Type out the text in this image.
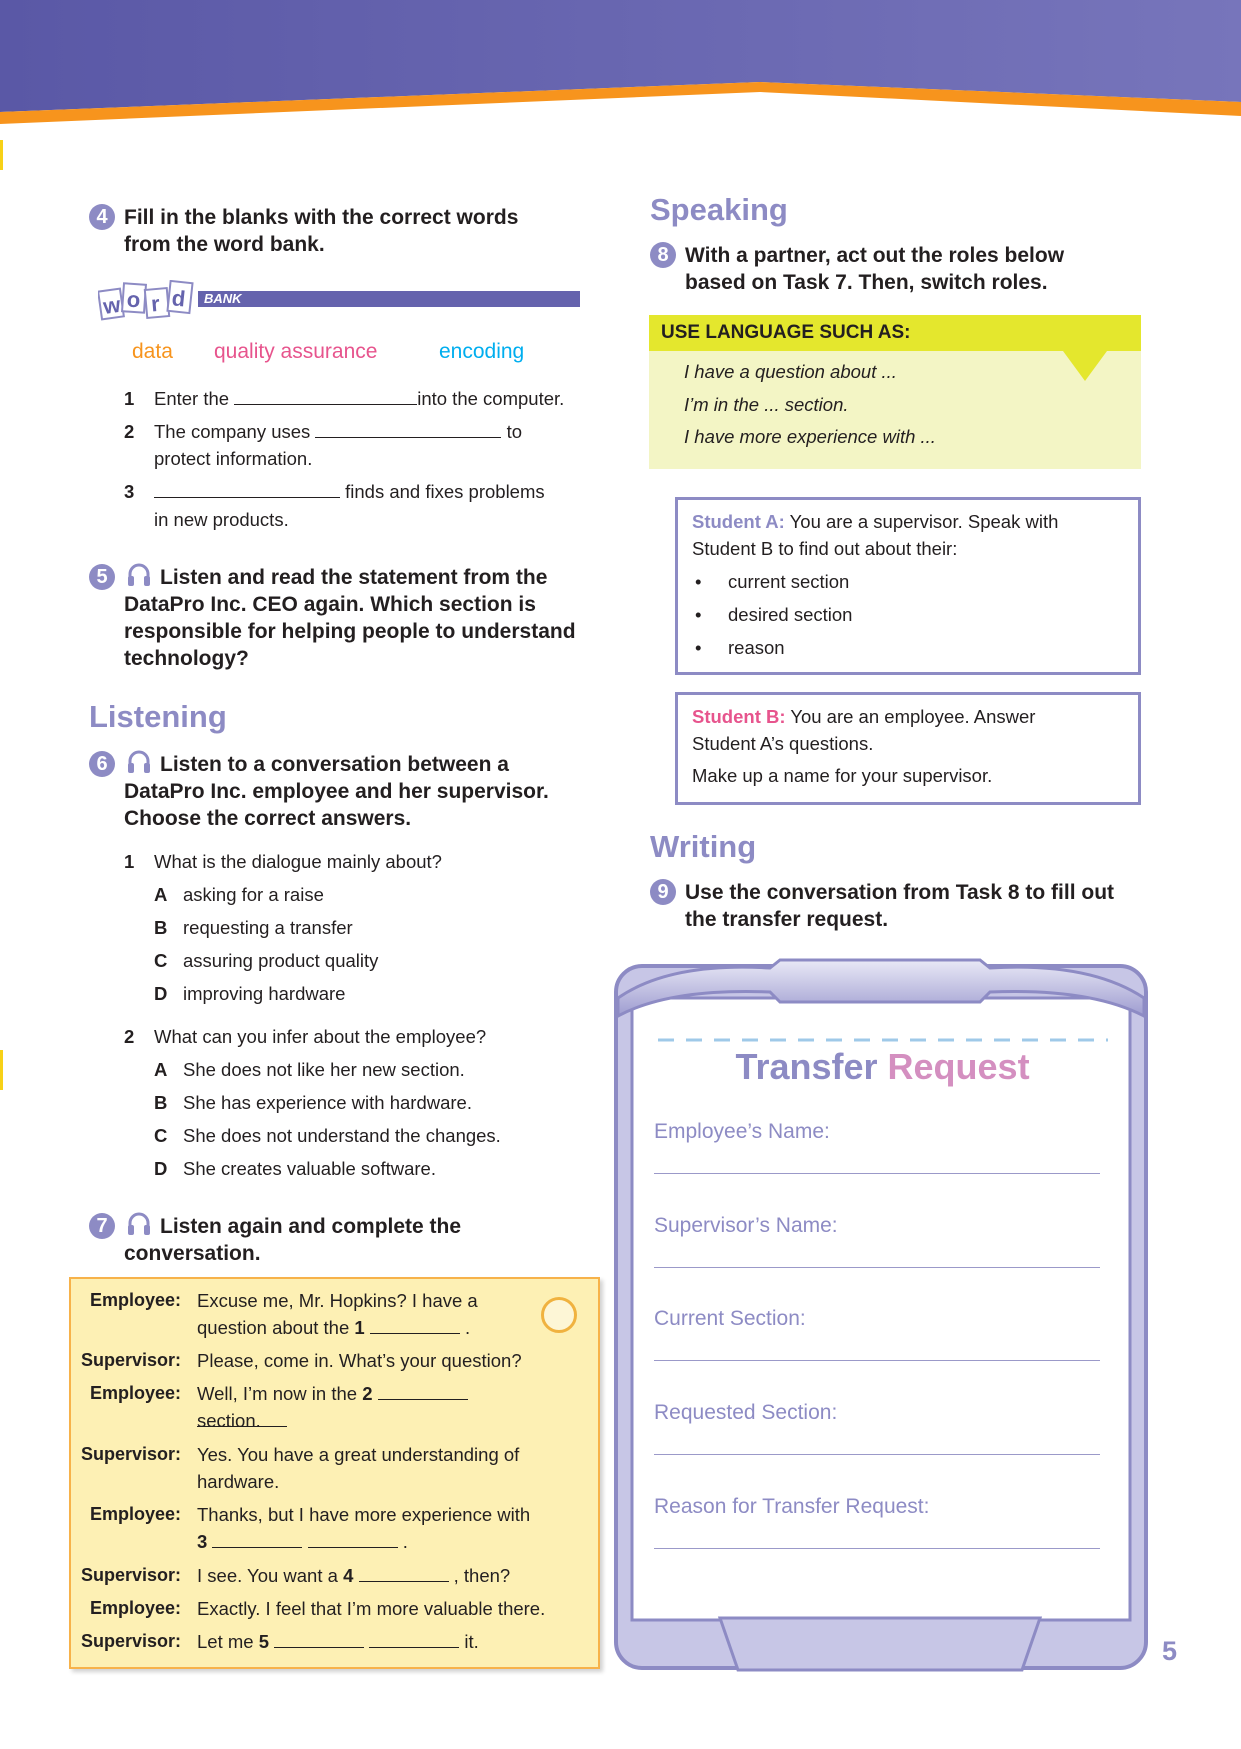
4 Fill in the blanks with the correct words from the word bank.
w o r d BANK
data quality assurance	encoding
1 Enter the	into the computer.
2 The company uses	to
protect information.
3	finds and fixes problems
in new products.
5	Listen and read the statement from the DataPro Inc. CEO again. Which section is responsible for helping people to understand technology?
Listening
6	Listen to a conversation between a DataPro Inc. employee and her supervisor. Choose the correct answers.
1 What is the dialogue mainly about?
A asking for a raise
B requesting a transfer
C assuring product quality
D improving hardware
2 What can you infer about the employee?
A She does not like her new section.
B She has experience with hardware.
C She does not understand the changes.
D She creates valuable software.
7	Listen again and complete the conversation.
Employee: Excuse me, Mr. Hopkins? I have a
question about the 1	.
Supervisor: Please, come in. What’s your question?
Employee: Well, I’m now in the 2
section.
Supervisor: Yes. You have a great understanding of
hardware.
Employee: Thanks, but I have more experience with
3	.
Supervisor: I see. You want a 4	, then?
Employee: Exactly. I feel that I’m more valuable there.
Supervisor: Let me 5	it.
Speaking
8 With a partner, act out the roles below based on Task 7. Then, switch roles.
USE LANGUAGE SUCH AS:
I have a question about ...
I’m in the ... section.
I have more experience with ...
Student A: You are a supervisor. Speak with
Student B to find out about their:
• current section
• desired section
• reason
Student B: You are an employee. Answer
Student A’s questions.
Make up a name for your supervisor.
Writing
9 Use the conversation from Task 8 to fill out the transfer request.
Transfer Request
Employee’s Name:
Supervisor’s Name:
Current Section:
Requested Section:
Reason for Transfer Request:
5
